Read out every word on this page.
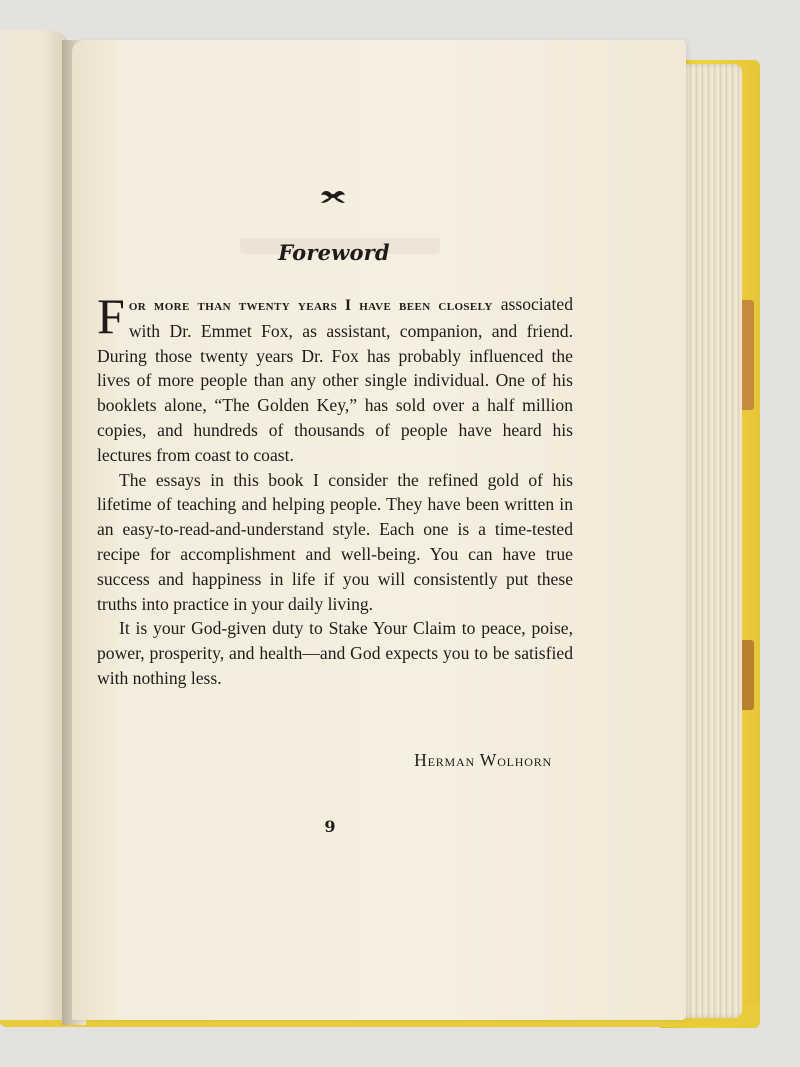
Foreword

For more than twenty years I have been closely associated with Dr. Emmet Fox, as assistant, companion, and friend. During those twenty years Dr. Fox has probably influenced the lives of more people than any other single individual. One of his booklets alone, “The Golden Key,” has sold over a half million copies, and hundreds of thousands of people have heard his lectures from coast to coast.

The essays in this book I consider the refined gold of his lifetime of teaching and helping people. They have been written in an easy-to-read-and-understand style. Each one is a time-tested recipe for accomplishment and well-being. You can have true success and happiness in life if you will consistently put these truths into practice in your daily living.

It is your God-given duty to Stake Your Claim to peace, poise, power, prosperity, and health—and God expects you to be satisfied with nothing less.

Herman Wolhorn
9
